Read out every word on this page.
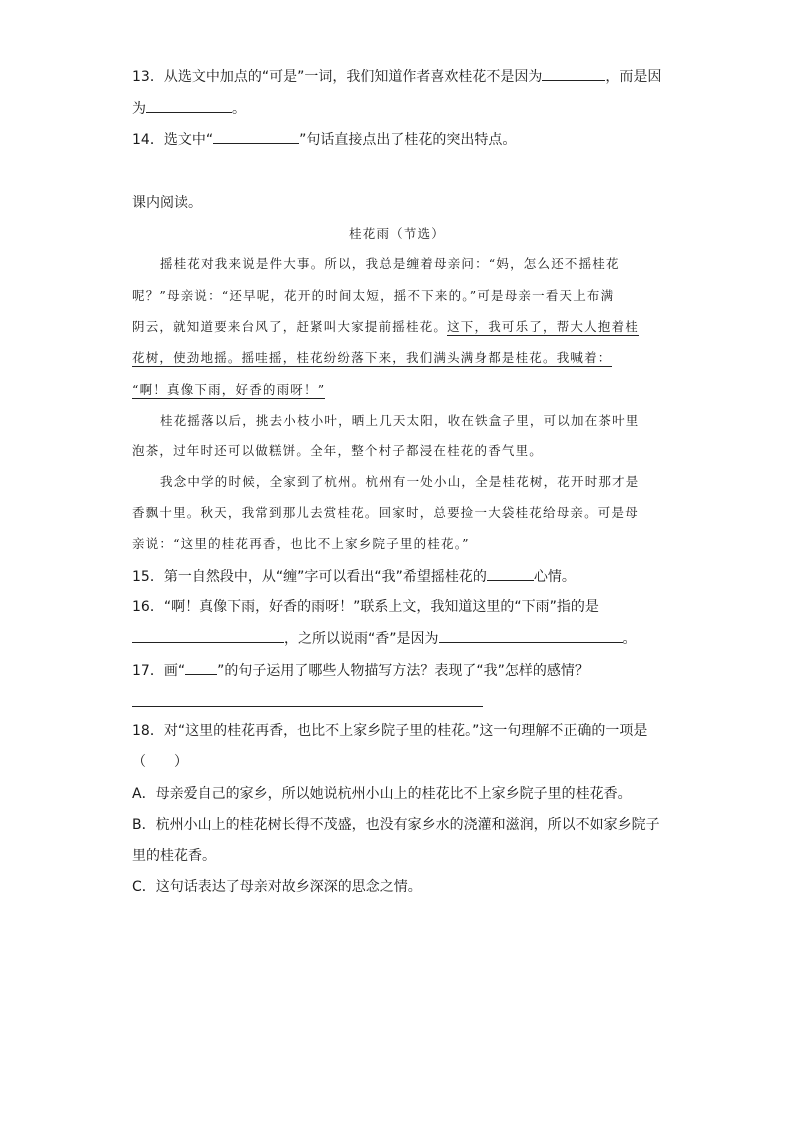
13．从选文中加点的“可是”一词，我们知道作者喜欢桂花不是因为	，而是因
为	。
14．选文中“	”句话直接点出了桂花的突出特点。
课内阅读。
桂花雨（节选）
摇桂花对我来说是件大事。所以，我总是缠着母亲问：“妈，怎么还不摇桂花
呢？”母亲说：“还早呢，花开的时间太短，摇不下来的。”可是母亲一看天上布满
阴云，就知道要来台风了，赶紧叫大家提前摇桂花。这下，我可乐了，帮大人抱着桂
花树，使劲地摇。摇哇摇，桂花纷纷落下来，我们满头满身都是桂花。我喊着：
“啊！真像下雨，好香的雨呀！”
桂花摇落以后，挑去小枝小叶，晒上几天太阳，收在铁盒子里，可以加在茶叶里
泡茶，过年时还可以做糕饼。全年，整个村子都浸在桂花的香气里。
我念中学的时候，全家到了杭州。杭州有一处小山，全是桂花树，花开时那才是
香飘十里。秋天，我常到那儿去赏桂花。回家时，总要捡一大袋桂花给母亲。可是母
亲说：“这里的桂花再香，也比不上家乡院子里的桂花。”
15．第一自然段中，从“缠”字可以看出“我”希望摇桂花的	心情。
16．“啊！真像下雨，好香的雨呀！”联系上文，我知道这里的“下雨”指的是
，之所以说雨“香”是因为	。
17．画“ ”的句子运用了哪些人物描写方法？表现了“我”怎样的感情？
18．对“这里的桂花再香，也比不上家乡院子里的桂花。”这一句理解不正确的一项是
（　　）
A．母亲爱自己的家乡，所以她说杭州小山上的桂花比不上家乡院子里的桂花香。
B．杭州小山上的桂花树长得不茂盛，也没有家乡水的浇灌和滋润，所以不如家乡院子
里的桂花香。
C．这句话表达了母亲对故乡深深的思念之情。
